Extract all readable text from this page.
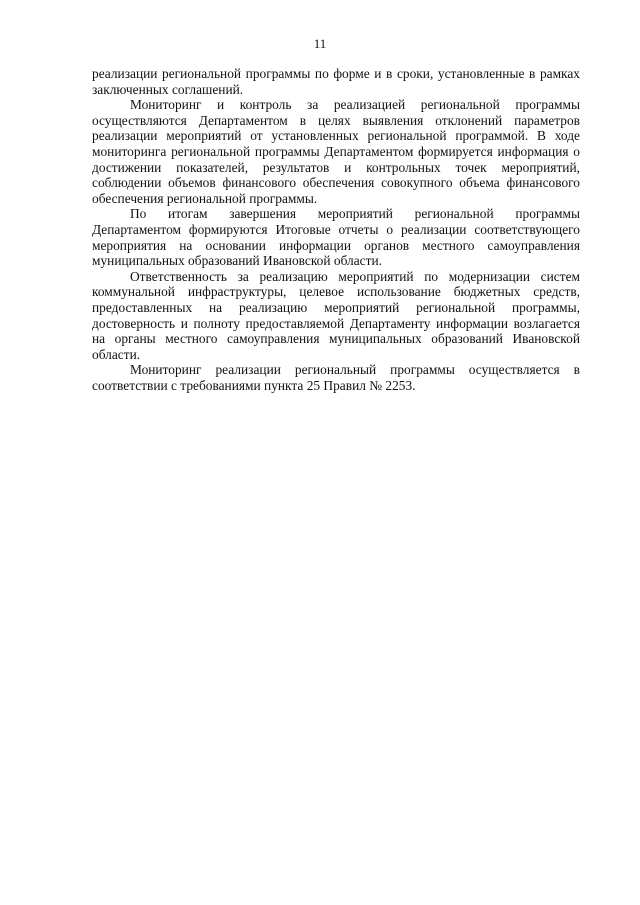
11

реализации региональной программы по форме и в сроки, установленные в рамках заключенных соглашений.

Мониторинг и контроль за реализацией региональной программы осуществляются Департаментом в целях выявления отклонений параметров реализации мероприятий от установленных региональной программой. В ходе мониторинга региональной программы Департаментом формируется информация о достижении показателей, результатов и контрольных точек мероприятий, соблюдении объемов финансового обеспечения совокупного объема финансового обеспечения региональной программы.

По итогам завершения мероприятий региональной программы Департаментом формируются Итоговые отчеты о реализации соответствующего мероприятия на основании информации органов местного самоуправления муниципальных образований Ивановской области.

Ответственность за реализацию мероприятий по модернизации систем коммунальной инфраструктуры, целевое использование бюджетных средств, предоставленных на реализацию мероприятий региональной программы, достоверность и полноту предоставляемой Департаменту информации возлагается на органы местного самоуправления муниципальных образований Ивановской области.

Мониторинг реализации региональный программы осуществляется в соответствии с требованиями пункта 25 Правил № 2253.
